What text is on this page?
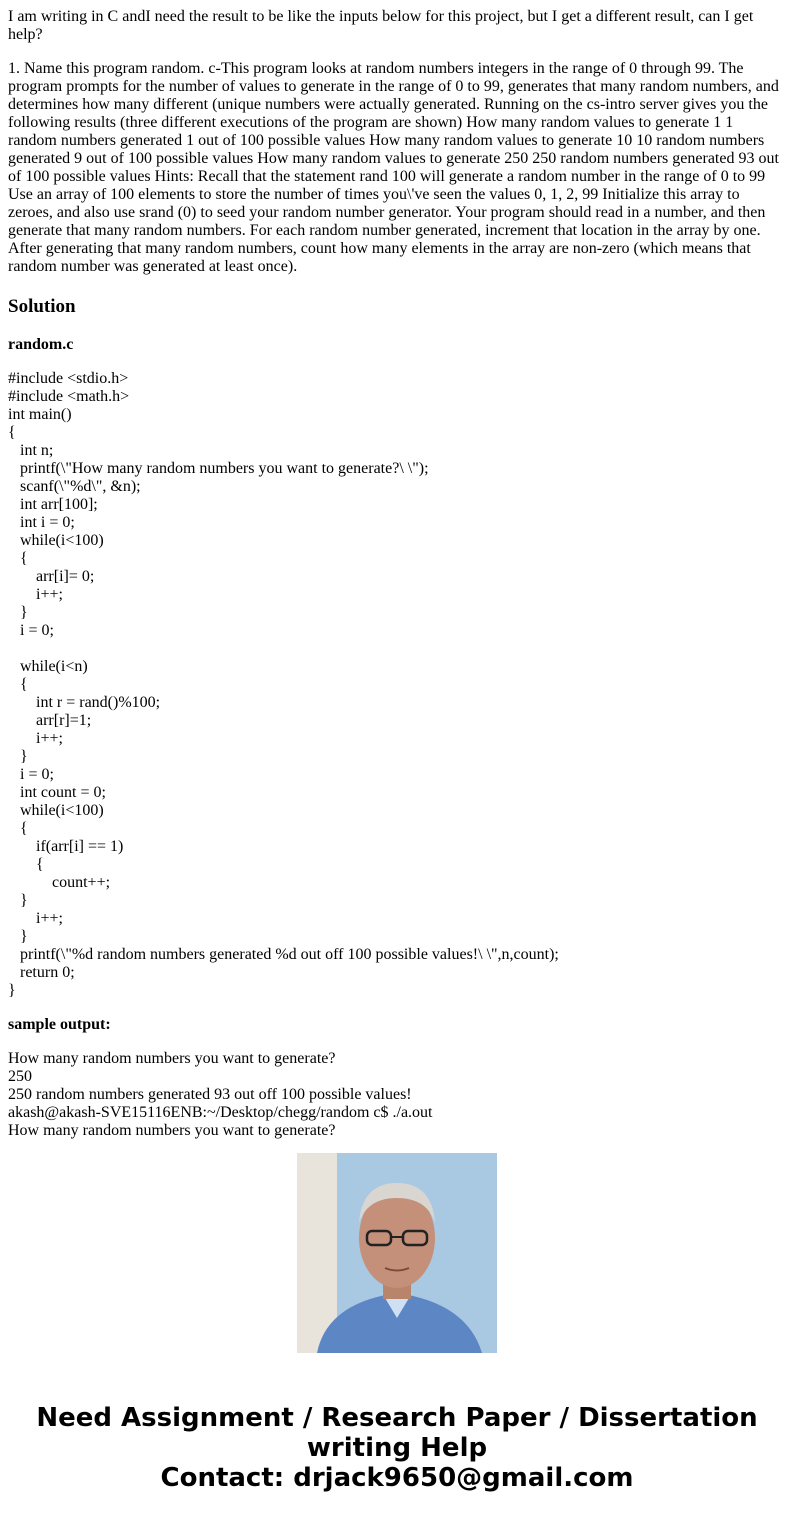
I am writing in C andI need the result to be like the inputs below for this project, but I get a different result, can I get help?

1. Name this program random. c-This program looks at random numbers integers in the range of 0 through 99. The program prompts for the number of values to generate in the range of 0 to 99, generates that many random numbers, and determines how many different (unique numbers were actually generated. Running on the cs-intro server gives you the following results (three different executions of the program are shown) How many random values to generate 1 1 random numbers generated 1 out of 100 possible values How many random values to generate 10 10 random numbers generated 9 out of 100 possible values How many random values to generate 250 250 random numbers generated 93 out of 100 possible values Hints: Recall that the statement rand 100 will generate a random number in the range of 0 to 99 Use an array of 100 elements to store the number of times you\'ve seen the values 0, 1, 2, 99 Initialize this array to zeroes, and also use srand (0) to seed your random number generator. Your program should read in a number, and then generate that many random numbers. For each random number generated, increment that location in the array by one. After generating that many random numbers, count how many elements in the array are non-zero (which means that random number was generated at least once).

Solution
random.c
#include <stdio.h>
#include <math.h>
int main()
{
int n;
printf(\"How many random numbers you want to generate?\ \");
scanf(\"%d\", &n);
int arr[100];
int i = 0;
while(i<100)
{
arr[i]= 0;
i++;
}
i = 0;

while(i<n)
{
int r = rand()%100;
arr[r]=1;
i++;
}
i = 0;
int count = 0;
while(i<100)
{
if(arr[i] == 1)
{
count++;
}
i++;
}
printf(\"%d random numbers generated %d out off 100 possible values!\ \",n,count);
return 0;
}
sample output:
How many random numbers you want to generate?
250
250 random numbers generated 93 out off 100 possible values!
akash@akash-SVE15116ENB:~/Desktop/chegg/random c$ ./a.out
How many random numbers you want to generate?
Need Assignment / Research Paper / Dissertation writing Help
Contact: drjack9650@gmail.com
